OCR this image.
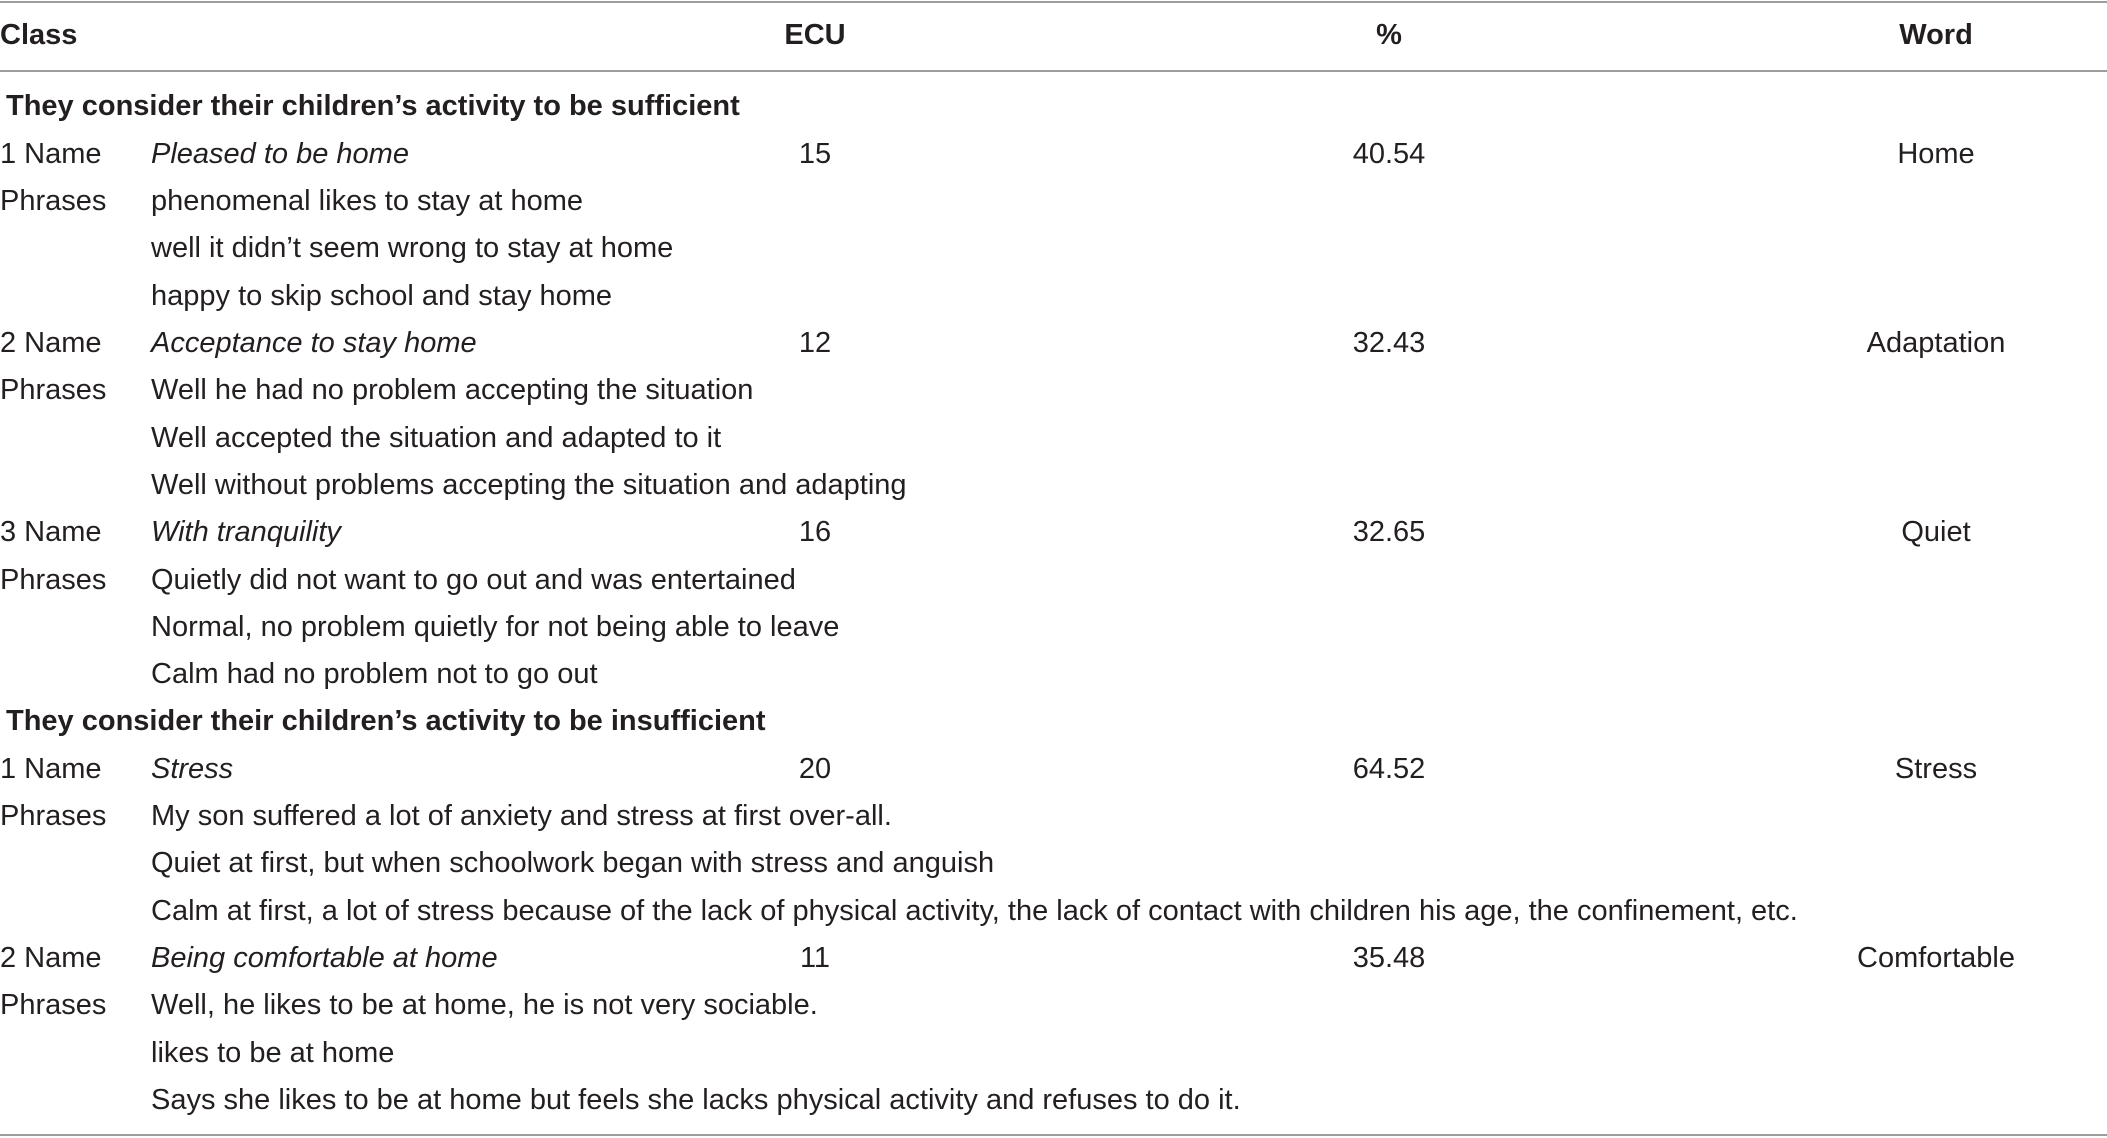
Class	ECU	%	Word
They consider their children’s activity to be sufficient
1 Name Pleased to be home	15	40.54	Home
Phrases phenomenal likes to stay at home
well it didn’t seem wrong to stay at home
happy to skip school and stay home
2 Name Acceptance to stay home	12	32.43	Adaptation
Phrases Well he had no problem accepting the situation
Well accepted the situation and adapted to it
Well without problems accepting the situation and adapting
3 Name With tranquility	16	32.65	Quiet
Phrases Quietly did not want to go out and was entertained
Normal, no problem quietly for not being able to leave
Calm had no problem not to go out
They consider their children’s activity to be insufficient
1 Name Stress	20	64.52	Stress
Phrases My son suffered a lot of anxiety and stress at first over-all.
Quiet at first, but when schoolwork began with stress and anguish
Calm at first, a lot of stress because of the lack of physical activity, the lack of contact with children his age, the confinement, etc.
2 Name Being comfortable at home	11	35.48	Comfortable
Phrases Well, he likes to be at home, he is not very sociable.
likes to be at home
Says she likes to be at home but feels she lacks physical activity and refuses to do it.
